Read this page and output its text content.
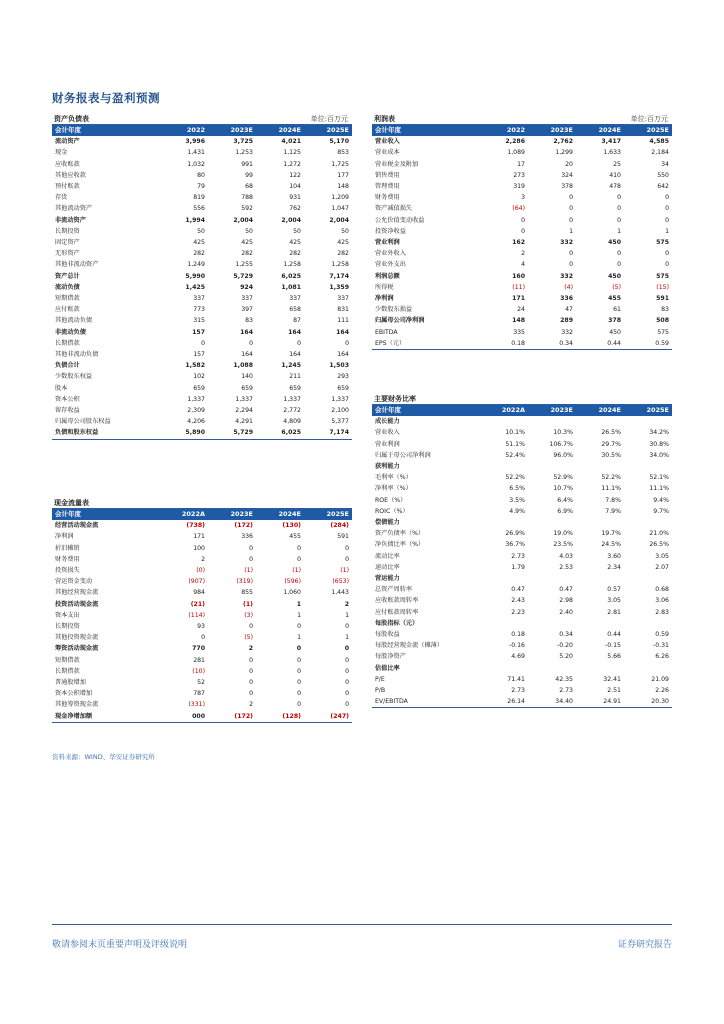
财务报表与盈利预测
资产负债表	单位:百万元
会计年度	2022	2023E	2024E	2025E
流动资产	3,996	3,725	4,021	5,170
现金	1,431	1,253	1,125	853
应收账款	1,032	991	1,272	1,725
其他应收款	80	99	122	177
预付账款	79	68	104	148
存货	819	788	931	1,209
其他流动资产	556	592	762	1,047
非流动资产	1,994	2,004	2,004	2,004
长期投资	50	50	50	50
固定资产	425	425	425	425
无形资产	282	282	282	282
其他非流动资产	1,249	1,255	1,258	1,258
资产总计	5,990	5,729	6,025	7,174
流动负债	1,425	924	1,081	1,359
短期借款	337	337	337	337
应付账款	773	397	658	831
其他流动负债	315	83	87	111
非流动负债	157	164	164	164
长期借款	0	0	0	0
其他非流动负债	157	164	164	164
负债合计	1,582	1,088	1,245	1,503
少数股东权益	102	140	211	293
股本	659	659	659	659
资本公积	1,337	1,337	1,337	1,337
留存收益	2,309	2,294	2,772	2,100
归属母公司股东权益	4,206	4,291	4,809	5,377
负债和股东权益	5,890	5,729	6,025	7,174
利润表	单位:百万元
会计年度	2022	2023E	2024E	2025E
营业收入	2,286	2,762	3,417	4,585
营业成本	1,089	1,299	1,633	2,184
营业税金及附加	17	20	25	34
销售费用	273	324	410	550
管理费用	319	378	478	642
财务费用	3	0	0	0
资产减值损失	(64)	0	0	0
公允价值变动收益	0	0	0	0
投资净收益	0	1	1	1
营业利润	162	332	450	575
营业外收入	2	0	0	0
营业外支出	4	0	0	0
利润总额	160	332	450	575
所得税	(11)	(4)	(5)	(15)
净利润	171	336	455	591
少数股东损益	24	47	61	83
归属母公司净利润	148	289	378	508
EBITDA	335	332	450	575
EPS（元）	0.18	0.34	0.44	0.59
主要财务比率
会计年度	2022A	2023E	2024E	2025E
成长能力				
营业收入	10.1%	10.3%	26.5%	34.2%
营业利润	51.1%	106.7%	29.7%	30.8%
归属于母公司净利润	52.4%	96.0%	30.5%	34.0%
获利能力				
毛利率（%）	52.2%	52.9%	52.2%	52.1%
净利率（%）	6.5%	10.7%	11.1%	11.1%
ROE（%）	3.5%	6.4%	7.8%	9.4%
ROIC（%）	4.9%	6.9%	7.9%	9.7%
偿债能力				
资产负债率（%）	26.9%	19.0%	19.7%	21.0%
净负债比率（%）	36.7%	23.5%	24.5%	26.5%
流动比率	2.73	4.03	3.60	3.05
速动比率	1.79	2.53	2.34	2.07
营运能力				
总资产周转率	0.47	0.47	0.57	0.68
应收账款周转率	2.43	2.98	3.05	3.06
应付账款周转率	2.23	2.40	2.81	2.83
每股指标（元）				
每股收益	0.18	0.34	0.44	0.59
每股经营现金流（摊薄）	-0.16	-0.20	-0.15	-0.31
每股净资产	4.69	5.20	5.66	6.26
估值比率				
P/E	71.41	42.35	32.41	21.09
P/B	2.73	2.73	2.51	2.26
EV/EBITDA	26.14	34.40	24.91	20.30
现金流量表
会计年度	2022A	2023E	2024E	2025E
经营活动现金流	(738)	(172)	(130)	(284)
净利润	171	336	455	591
折旧摊销	100	0	0	0
财务费用	2	0	0	0
投资损失	(0)	(1)	(1)	(1)
营运资金变动	(907)	(319)	(596)	(653)
其他经营现金流	984	855	1,060	1,443
投资活动现金流	(21)	(1)	1	2
资本支出	(114)	(3)	1	1
长期投资	93	0	0	0
其他投资现金流	0	(5)	1	1
筹资活动现金流	770	2	0	0
短期借款	281	0	0	0
长期借款	(10)	0	0	0
普通股增加	52	0	0	0
资本公积增加	787	0	0	0
其他筹资现金流	(331)	2	0	0
现金净增加额	000	(172)	(128)	(247)
资料来源：WIND、华安证券研究所
敬请参阅末页重要声明及评级说明	证券研究报告
